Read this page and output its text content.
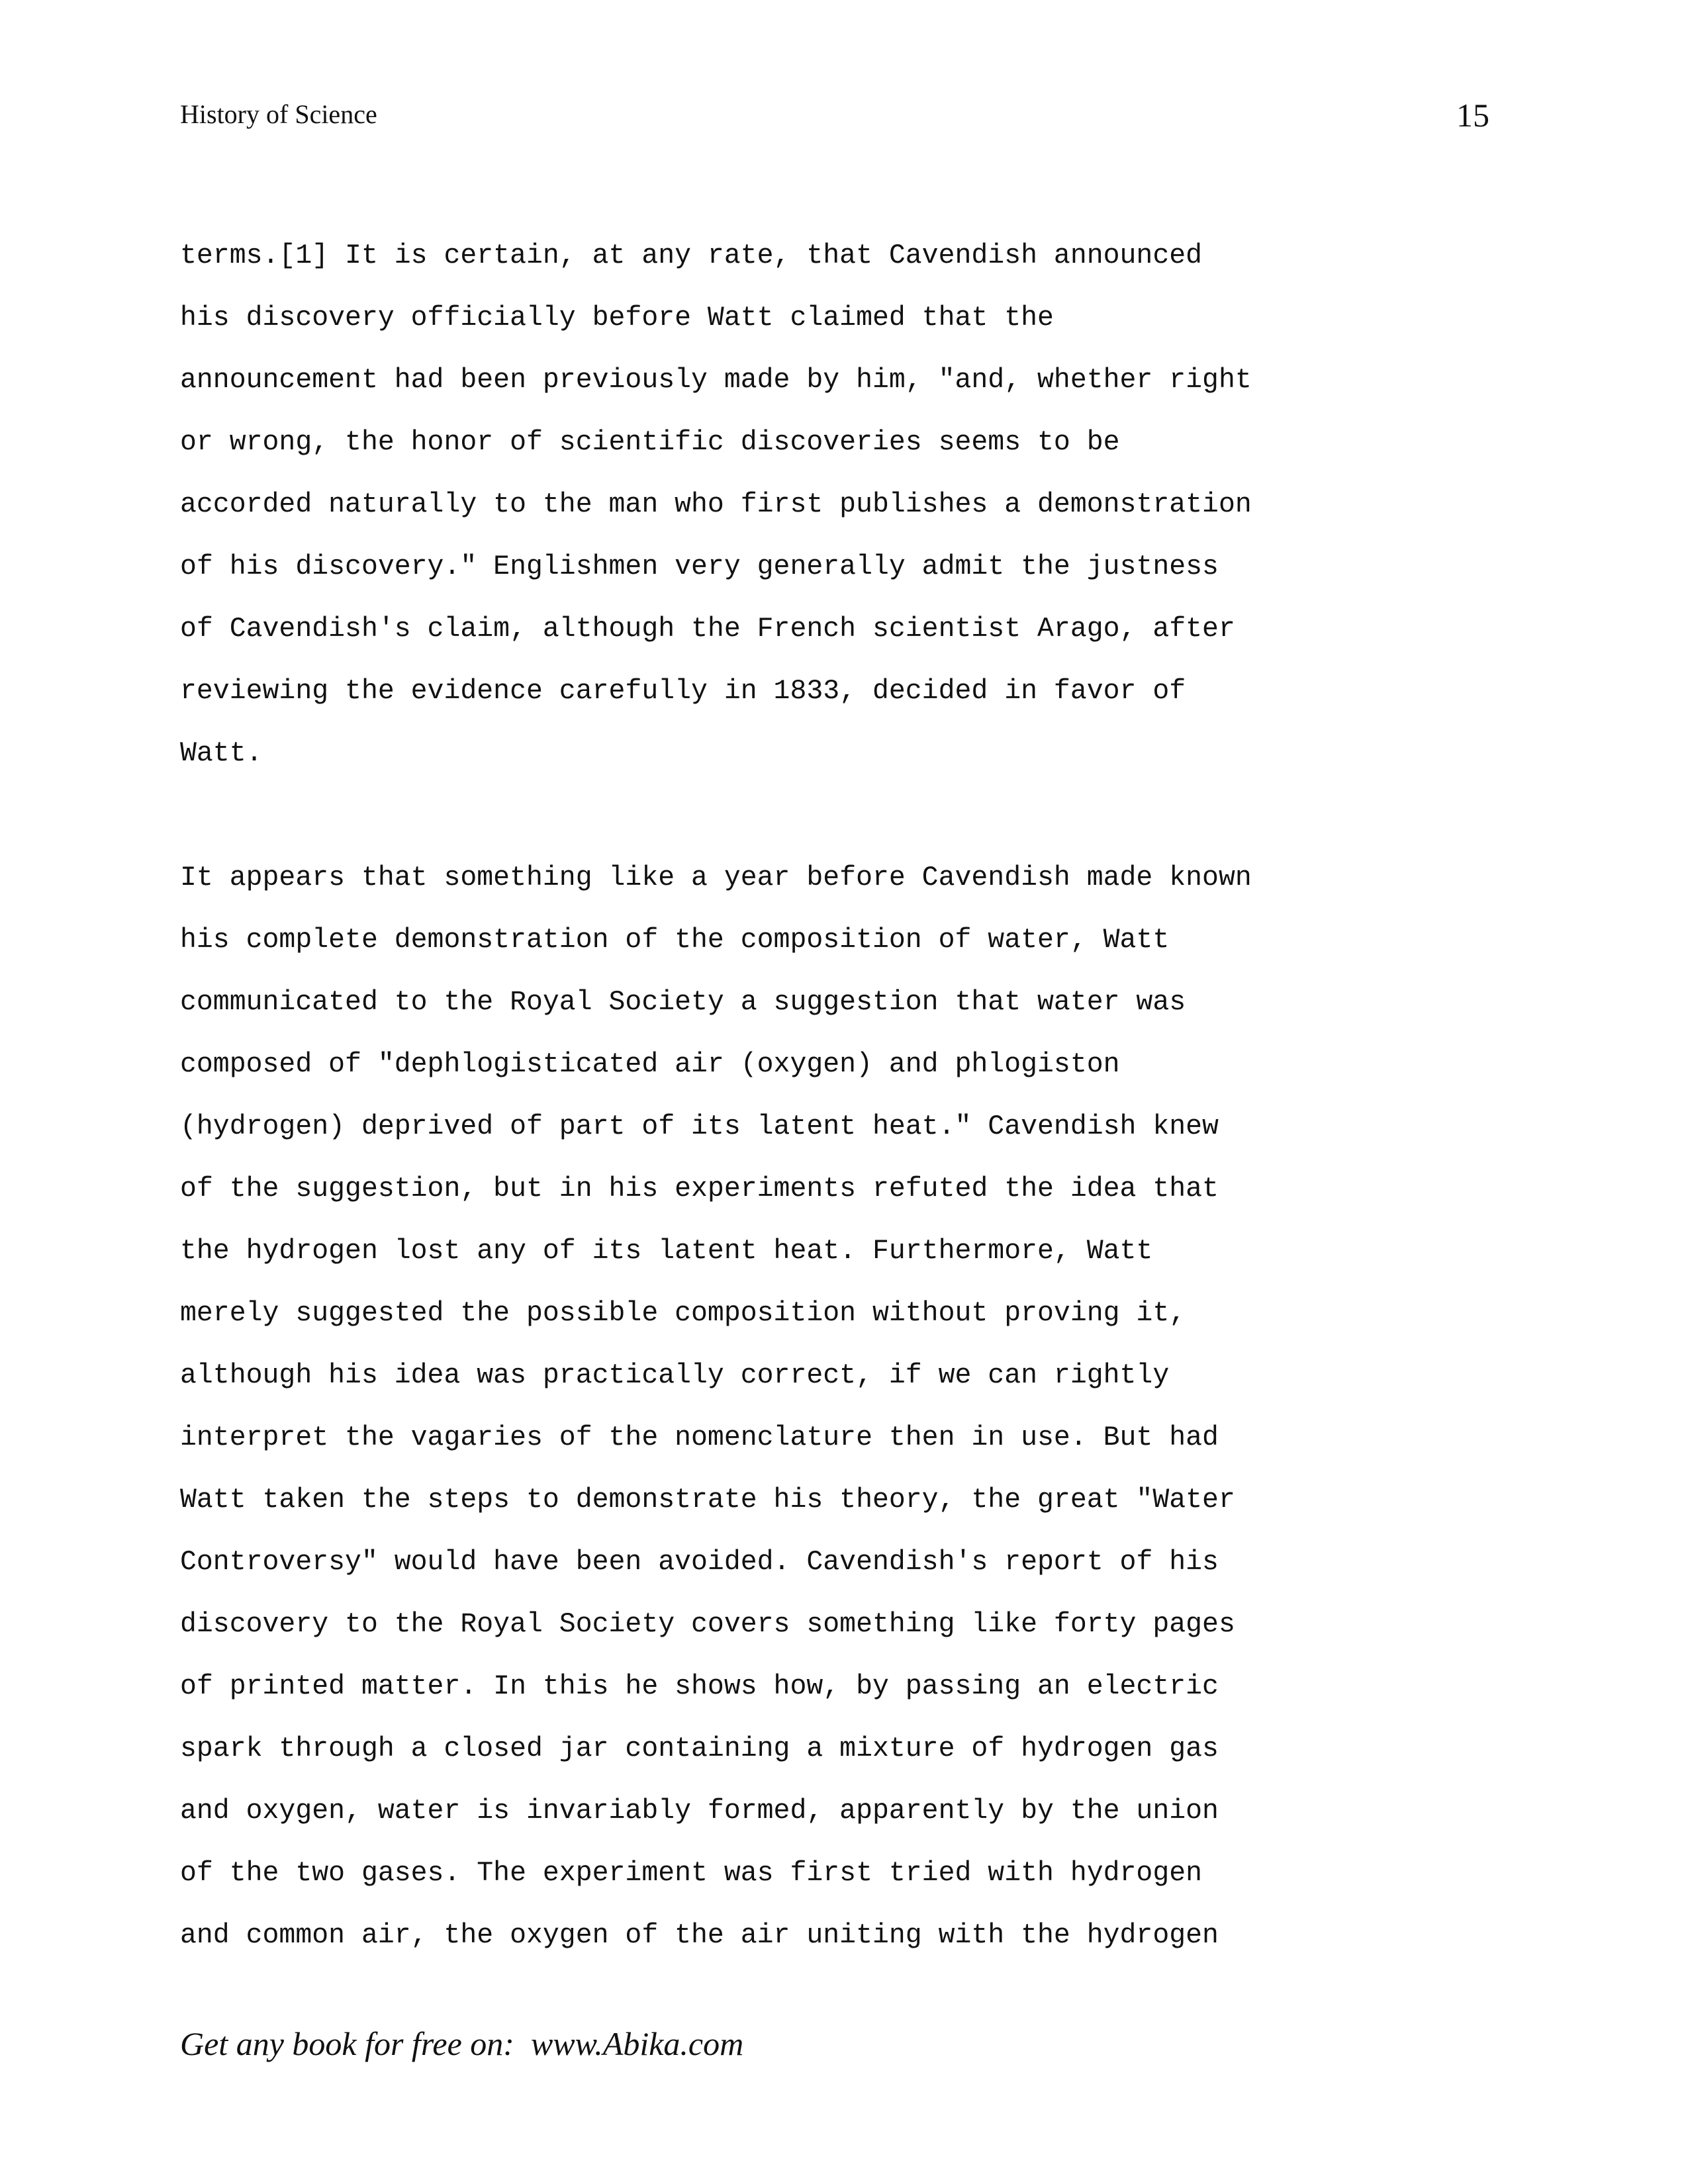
History of Science	15
terms.[1] It is certain, at any rate, that Cavendish announced
his discovery officially before Watt claimed that the
announcement had been previously made by him, "and, whether right
or wrong, the honor of scientific discoveries seems to be
accorded naturally to the man who first publishes a demonstration
of his discovery." Englishmen very generally admit the justness
of Cavendish's claim, although the French scientist Arago, after
reviewing the evidence carefully in 1833, decided in favor of
Watt.
It appears that something like a year before Cavendish made known
his complete demonstration of the composition of water, Watt
communicated to the Royal Society a suggestion that water was
composed of "dephlogisticated air (oxygen) and phlogiston
(hydrogen) deprived of part of its latent heat." Cavendish knew
of the suggestion, but in his experiments refuted the idea that
the hydrogen lost any of its latent heat. Furthermore, Watt
merely suggested the possible composition without proving it,
although his idea was practically correct, if we can rightly
interpret the vagaries of the nomenclature then in use. But had
Watt taken the steps to demonstrate his theory, the great "Water
Controversy" would have been avoided. Cavendish's report of his
discovery to the Royal Society covers something like forty pages
of printed matter. In this he shows how, by passing an electric
spark through a closed jar containing a mixture of hydrogen gas
and oxygen, water is invariably formed, apparently by the union
of the two gases. The experiment was first tried with hydrogen
and common air, the oxygen of the air uniting with the hydrogen
Get any book for free on:  www.Abika.com
